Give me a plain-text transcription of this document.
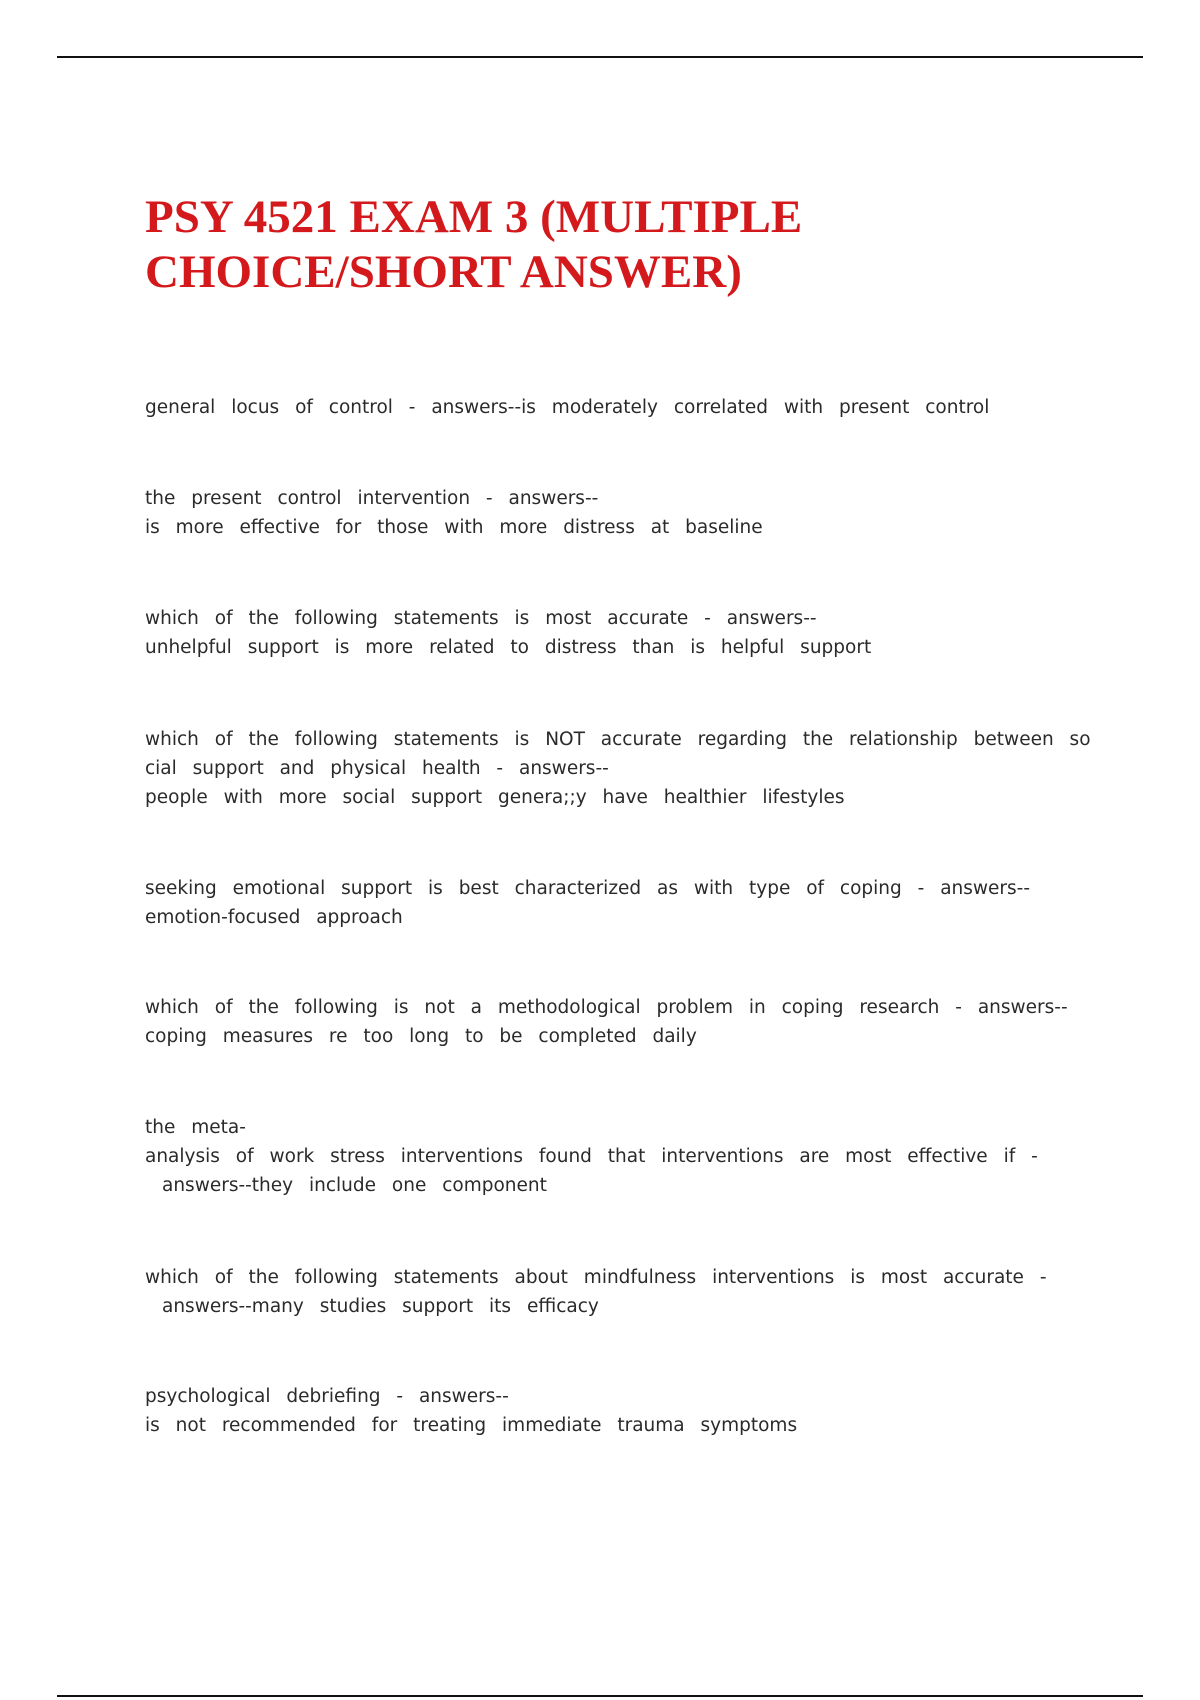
PSY 4521 EXAM 3 (MULTIPLE
CHOICE/SHORT ANSWER)

general locus of control - answers--is moderately correlated with present control

the present control intervention - answers--
is more effective for those with more distress at baseline

which of the following statements is most accurate - answers--
unhelpful support is more related to distress than is helpful support

which of the following statements is NOT accurate regarding the relationship between so
cial support and physical health - answers--
people with more social support genera;;y have healthier lifestyles

seeking emotional support is best characterized as with type of coping - answers--
emotion-focused approach

which of the following is not a methodological problem in coping research - answers--
coping measures re too long to be completed daily

the meta-
analysis of work stress interventions found that interventions are most effective if -
answers--they include one component

which of the following statements about mindfulness interventions is most accurate -
answers--many studies support its efficacy

psychological debriefing - answers--
is not recommended for treating immediate trauma symptoms
